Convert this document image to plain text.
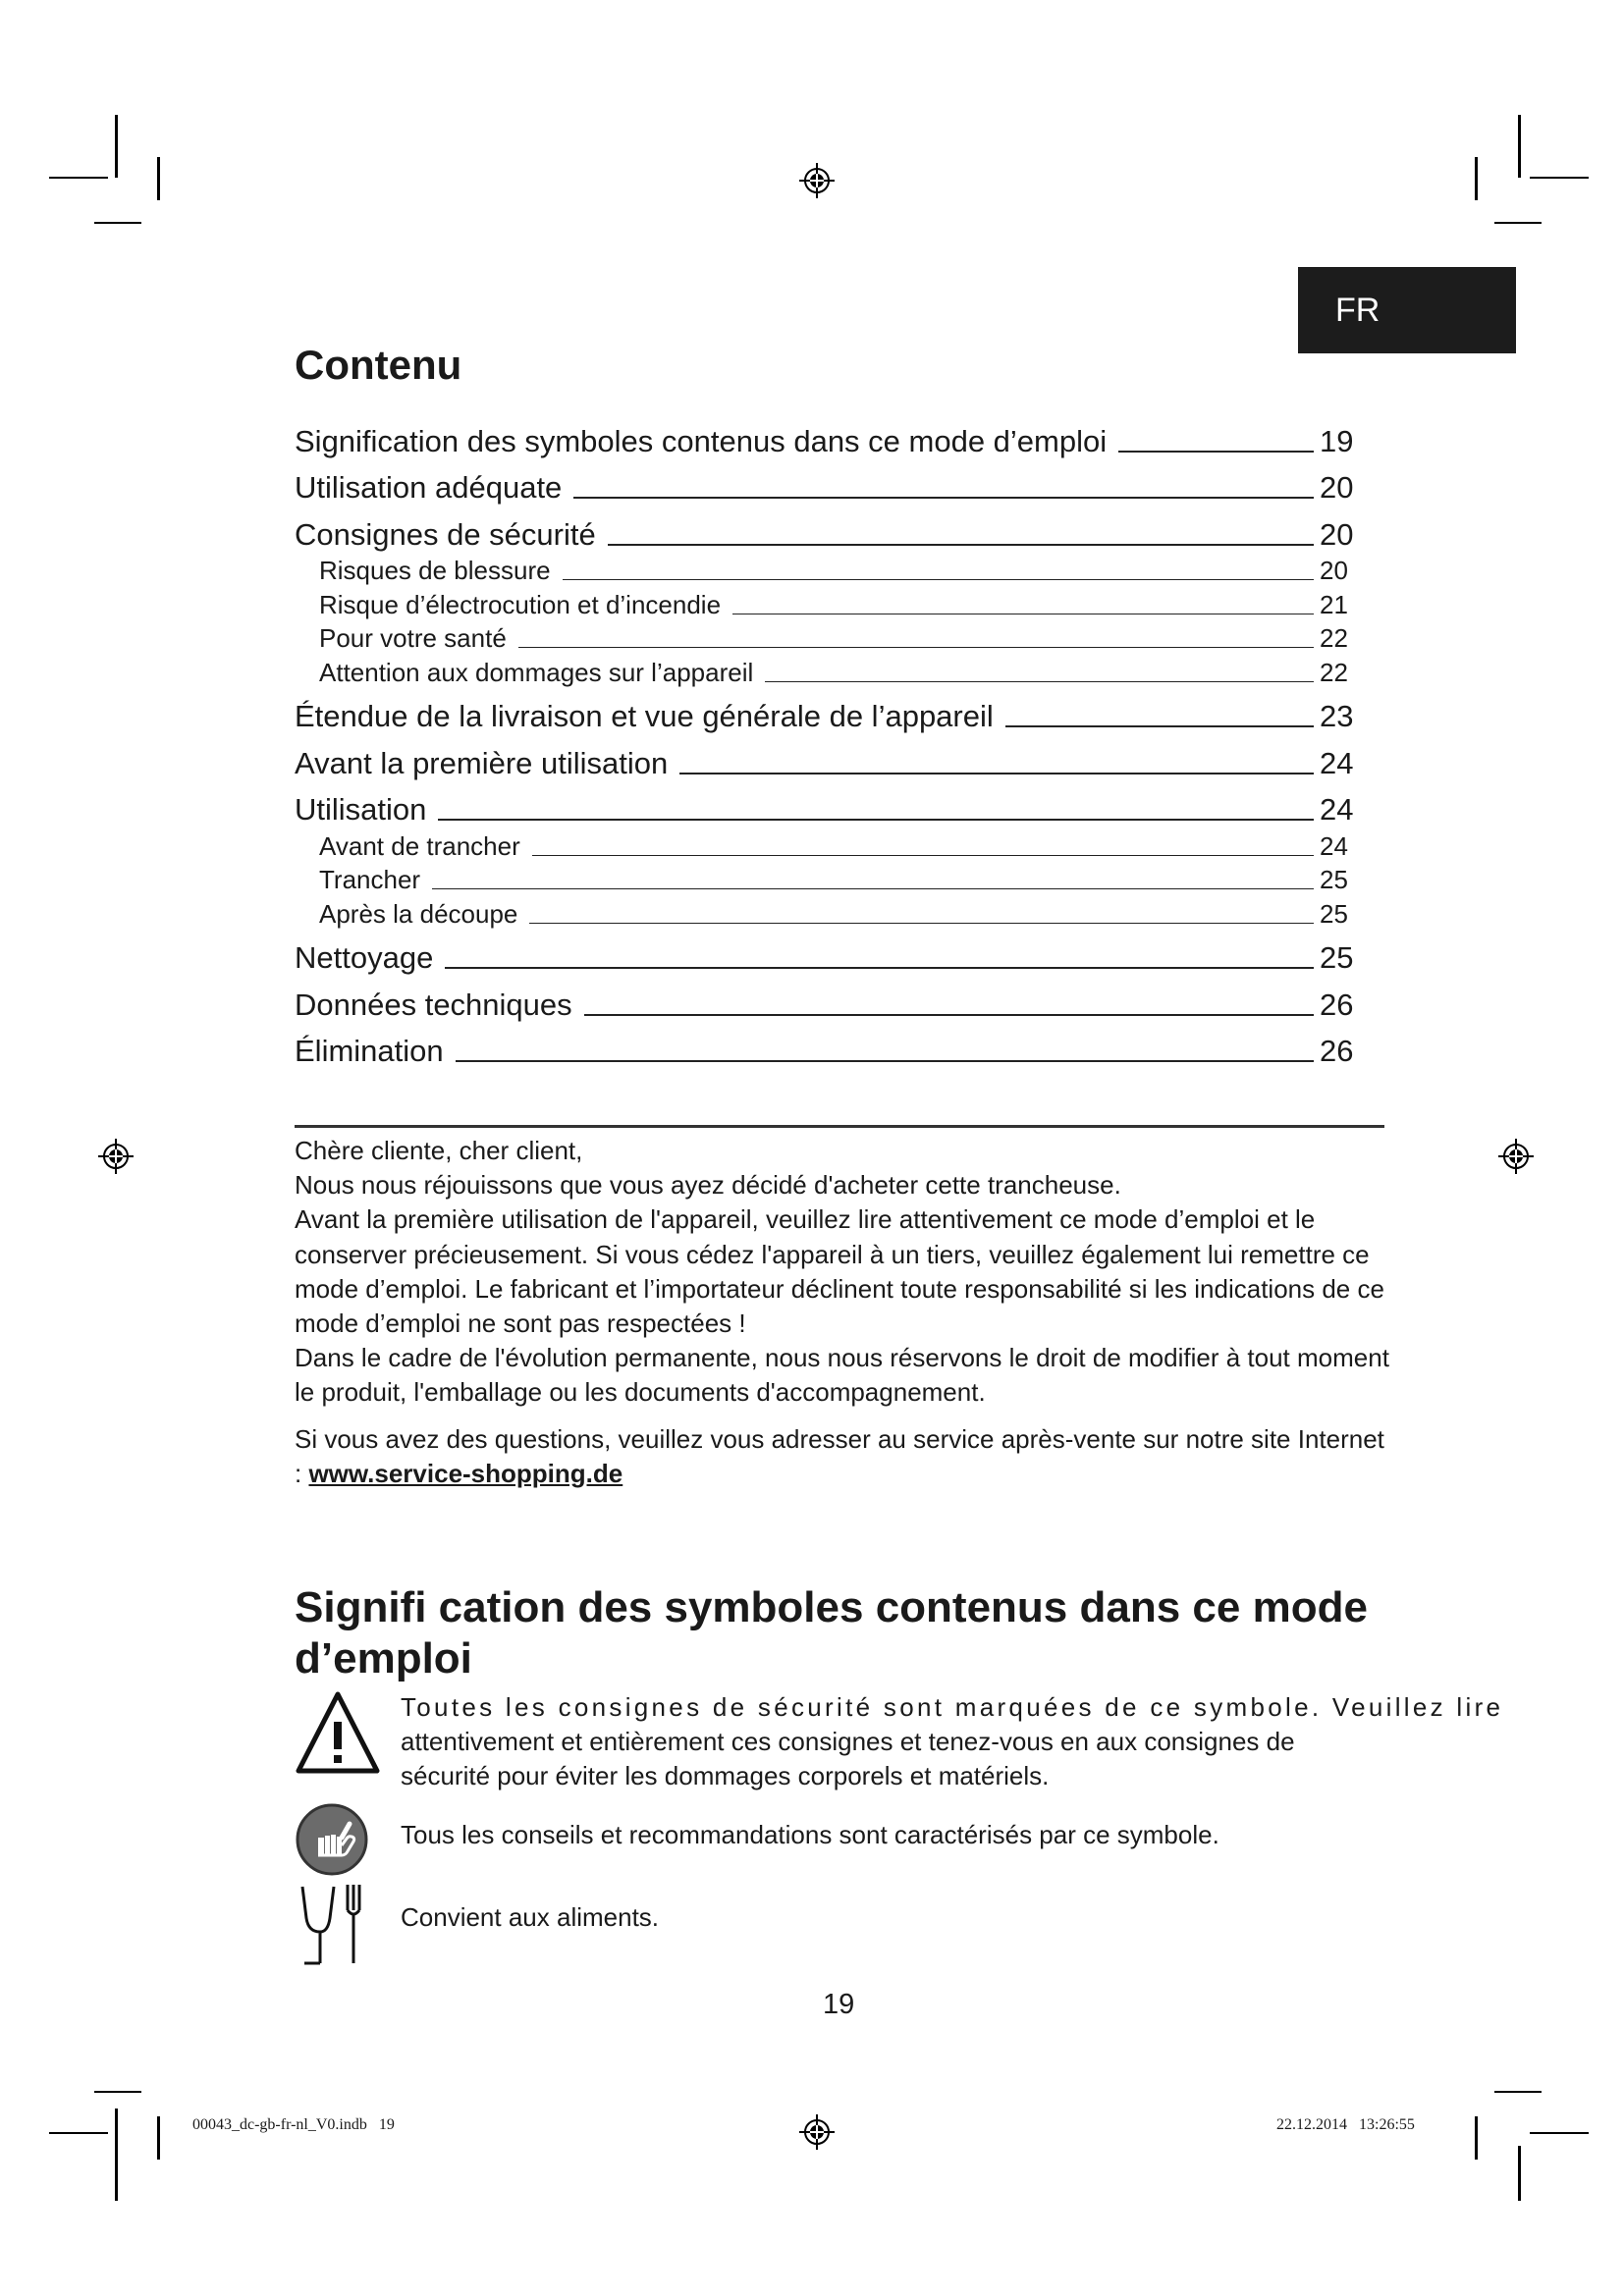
FR
Contenu
Signification des symboles contenus dans ce mode d’emploi	19
Utilisation adéquate	20
Consignes de sécurité	20
Risques de blessure	20
Risque d’électrocution et d’incendie	21
Pour votre santé	22
Attention aux dommages sur l’appareil	22
Étendue de la livraison et vue générale de l’appareil	23
Avant la première utilisation	24
Utilisation	24
Avant de trancher	24
Trancher	25
Après la découpe	25
Nettoyage	25
Données techniques	26
Élimination	26

Chère cliente, cher client,

Nous nous réjouissons que vous ayez décidé d'acheter cette trancheuse.

Avant la première utilisation de l'appareil, veuillez lire attentivement ce mode d’emploi et le conserver précieusement. Si vous cédez l'appareil à un tiers, veuillez également lui remettre ce mode d’emploi. Le fabricant et l’importateur déclinent toute responsabilité si les indications de ce mode d’emploi ne sont pas respectées !

Dans le cadre de l'évolution permanente, nous nous réservons le droit de modifier à tout moment le produit, l'emballage ou les documents d'accompagnement.

Si vous avez des questions, veuillez vous adresser au service après-vente sur notre site Internet : www.service-shopping.de

Signifi cation des symboles contenus dans ce mode d’emploi
Toutes les consignes de sécurité sont marquées de ce symbole. Veuillez lire
attentivement et entièrement ces consignes et tenez-vous en aux consignes de
sécurité pour éviter les dommages corporels et matériels.
Tous les conseils et recommandations sont caractérisés par ce symbole.
Convient aux aliments.
19
00043_dc-gb-fr-nl_V0.indb   19	22.12.2014   13:26:55
